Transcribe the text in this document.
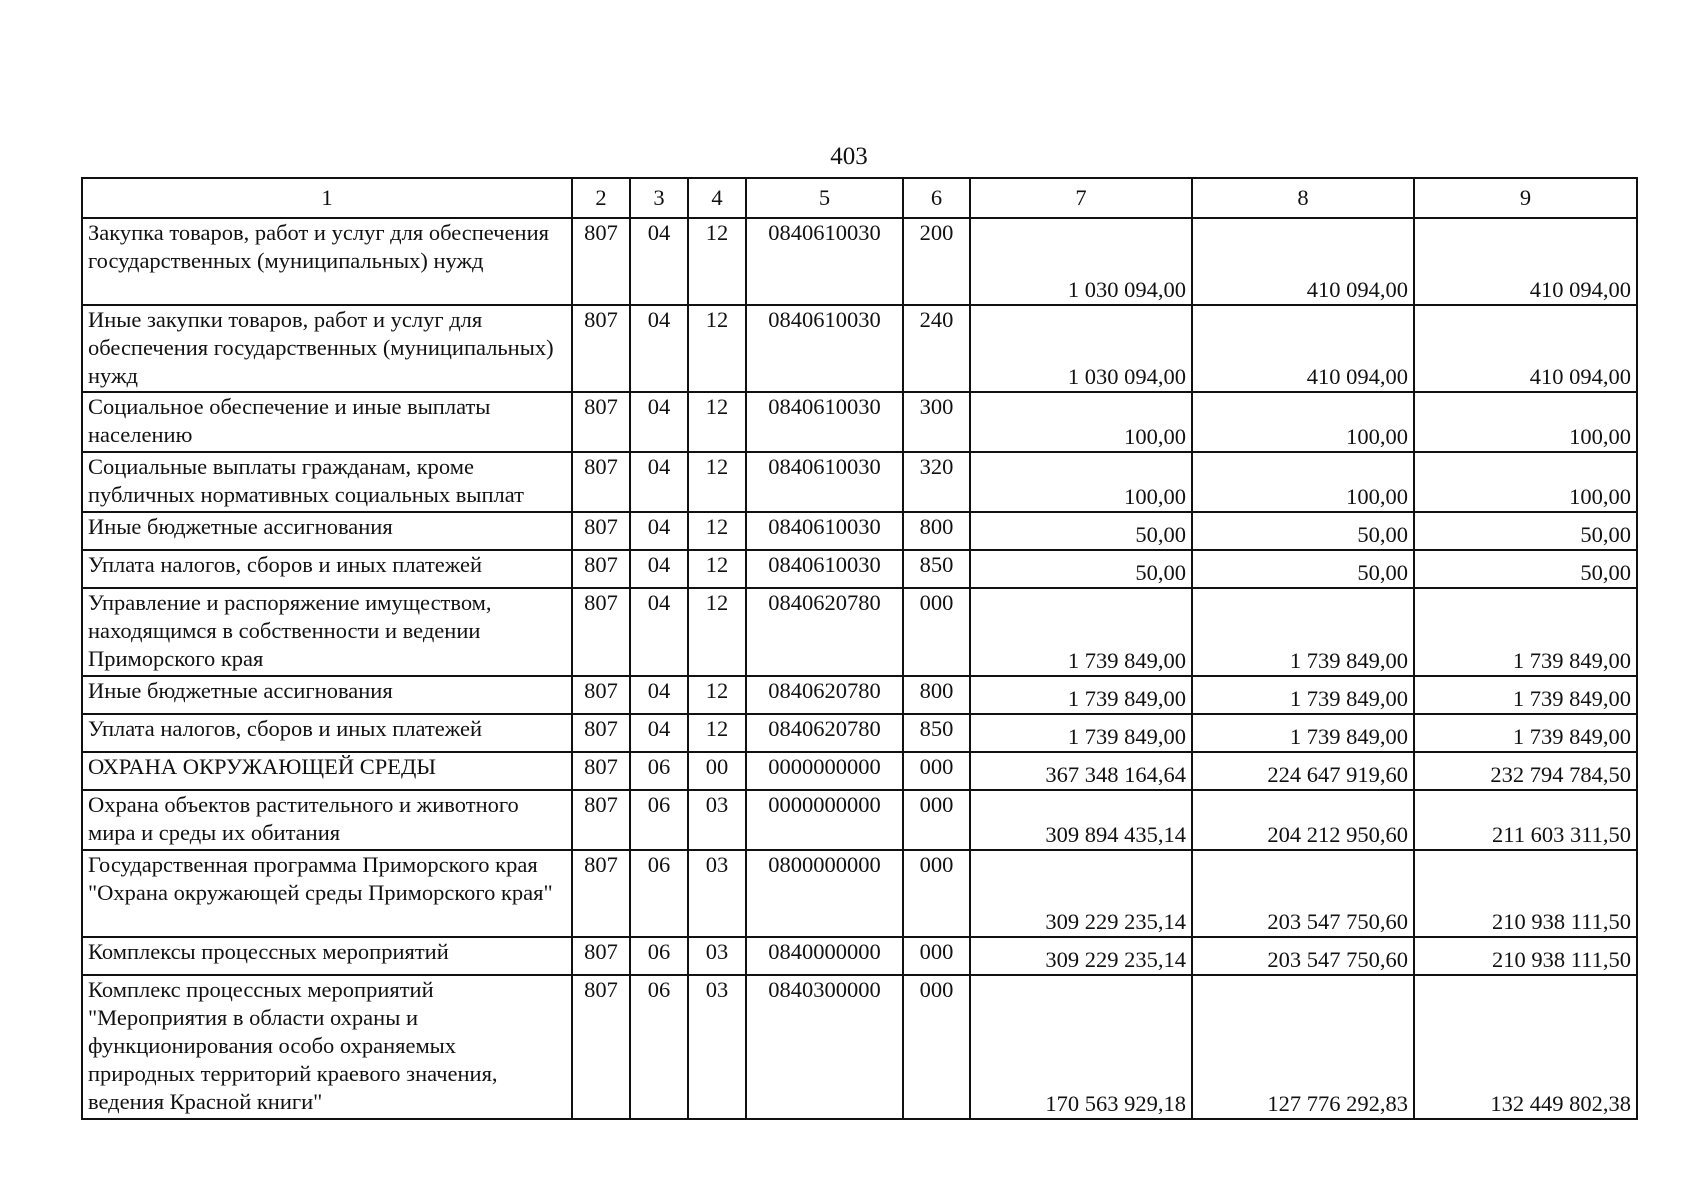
403
1	2	3	4	5	6	7	8	9
Закупка товаров, работ и услуг для обеспечения государственных (муниципальных) нужд	807	04	12	0840610030	200	1 030 094,00	410 094,00	410 094,00
Иные закупки товаров, работ и услуг для обеспечения государственных (муниципальных) нужд	807	04	12	0840610030	240	1 030 094,00	410 094,00	410 094,00
Социальное обеспечение и иные выплаты населению	807	04	12	0840610030	300	100,00	100,00	100,00
Социальные выплаты гражданам, кроме публичных нормативных социальных выплат	807	04	12	0840610030	320	100,00	100,00	100,00
Иные бюджетные ассигнования	807	04	12	0840610030	800	50,00	50,00	50,00
Уплата налогов, сборов и иных платежей	807	04	12	0840610030	850	50,00	50,00	50,00
Управление и распоряжение имуществом, находящимся в собственности и ведении Приморского края	807	04	12	0840620780	000	1 739 849,00	1 739 849,00	1 739 849,00
Иные бюджетные ассигнования	807	04	12	0840620780	800	1 739 849,00	1 739 849,00	1 739 849,00
Уплата налогов, сборов и иных платежей	807	04	12	0840620780	850	1 739 849,00	1 739 849,00	1 739 849,00
ОХРАНА ОКРУЖАЮЩЕЙ СРЕДЫ	807	06	00	0000000000	000	367 348 164,64	224 647 919,60	232 794 784,50
Охрана объектов растительного и животного мира и среды их обитания	807	06	03	0000000000	000	309 894 435,14	204 212 950,60	211 603 311,50
Государственная программа Приморского края "Охрана окружающей среды Приморского края"	807	06	03	0800000000	000	309 229 235,14	203 547 750,60	210 938 111,50
Комплексы процессных мероприятий	807	06	03	0840000000	000	309 229 235,14	203 547 750,60	210 938 111,50
Комплекс процессных мероприятий "Мероприятия в области охраны и функционирования особо охраняемых природных территорий краевого значения, ведения Красной книги"	807	06	03	0840300000	000	170 563 929,18	127 776 292,83	132 449 802,38
